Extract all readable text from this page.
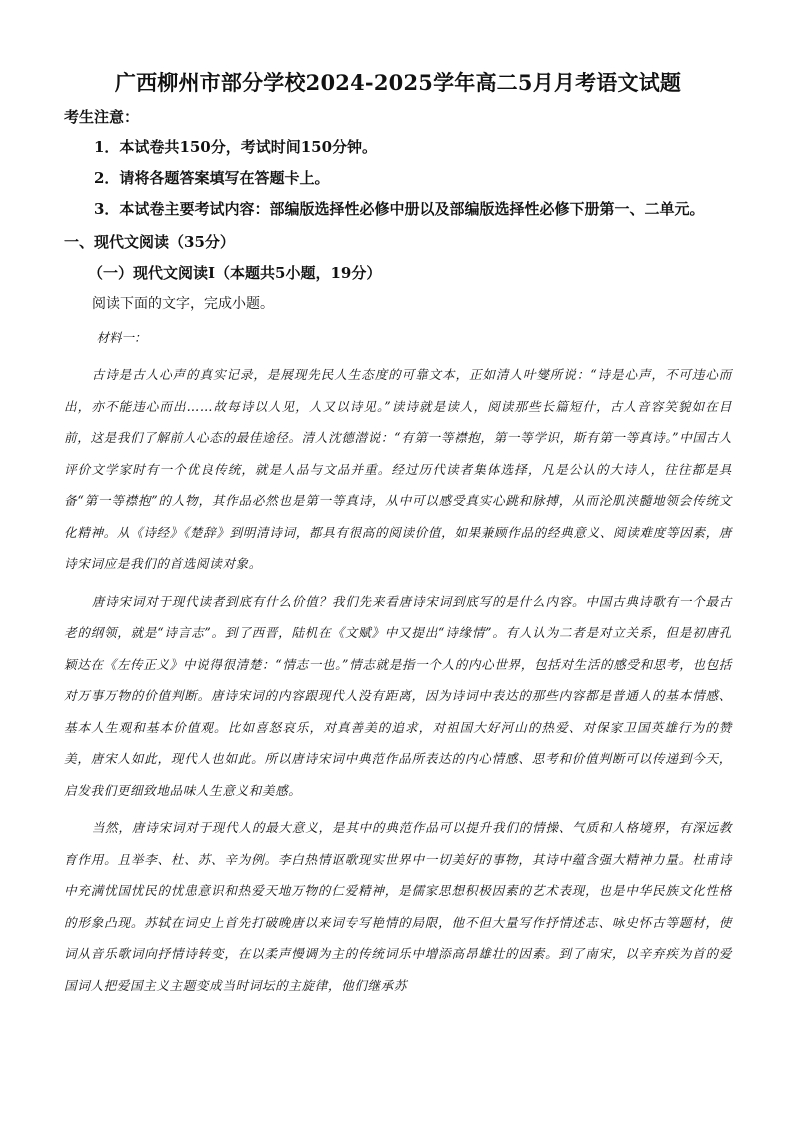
广西柳州市部分学校2024-2025学年高二5月月考语文试题

考生注意：

1．本试卷共150分，考试时间150分钟。

2．请将各题答案填写在答题卡上。

3．本试卷主要考试内容：部编版选择性必修中册以及部编版选择性必修下册第一、二单元。

一、现代文阅读（35分）

（一）现代文阅读Ⅰ（本题共5小题，19分）

阅读下面的文字，完成小题。

材料一：

古诗是古人心声的真实记录，是展现先民人生态度的可靠文本，正如清人叶燮所说：“诗是心声，不可违心而出，亦不能违心而出……故每诗以人见，人又以诗见。”读诗就是读人，阅读那些长篇短什，古人音容笑貌如在目前，这是我们了解前人心态的最佳途径。清人沈德潜说：“有第一等襟抱，第一等学识，斯有第一等真诗。”中国古人评价文学家时有一个优良传统，就是人品与文品并重。经过历代读者集体选择，凡是公认的大诗人，往往都是具备“第一等襟抱”的人物，其作品必然也是第一等真诗，从中可以感受真实心跳和脉搏，从而沦肌浃髓地领会传统文化精神。从《诗经》《楚辞》到明清诗词，都具有很高的阅读价值，如果兼顾作品的经典意义、阅读难度等因素，唐诗宋词应是我们的首选阅读对象。

唐诗宋词对于现代读者到底有什么价值？我们先来看唐诗宋词到底写的是什么内容。中国古典诗歌有一个最古老的纲领，就是“诗言志”。到了西晋，陆机在《文赋》中又提出“诗缘情”。有人认为二者是对立关系，但是初唐孔颖达在《左传正义》中说得很清楚：“情志一也。”情志就是指一个人的内心世界，包括对生活的感受和思考，也包括对万事万物的价值判断。唐诗宋词的内容跟现代人没有距离，因为诗词中表达的那些内容都是普通人的基本情感、基本人生观和基本价值观。比如喜怒哀乐，对真善美的追求，对祖国大好河山的热爱、对保家卫国英雄行为的赞美，唐宋人如此，现代人也如此。所以唐诗宋词中典范作品所表达的内心情感、思考和价值判断可以传递到今天，启发我们更细致地品味人生意义和美感。

当然，唐诗宋词对于现代人的最大意义，是其中的典范作品可以提升我们的情操、气质和人格境界，有深远教育作用。且举李、杜、苏、辛为例。李白热情讴歌现实世界中一切美好的事物，其诗中蕴含强大精神力量。杜甫诗中充满忧国忧民的忧患意识和热爱天地万物的仁爱精神，是儒家思想积极因素的艺术表现，也是中华民族文化性格的形象凸现。苏轼在词史上首先打破晚唐以来词专写艳情的局限，他不但大量写作抒情述志、咏史怀古等题材，使词从音乐歌词向抒情诗转变，在以柔声慢调为主的传统词乐中增添高昂雄壮的因素。到了南宋，以辛弃疾为首的爱国词人把爱国主义主题变成当时词坛的主旋律，他们继承苏
